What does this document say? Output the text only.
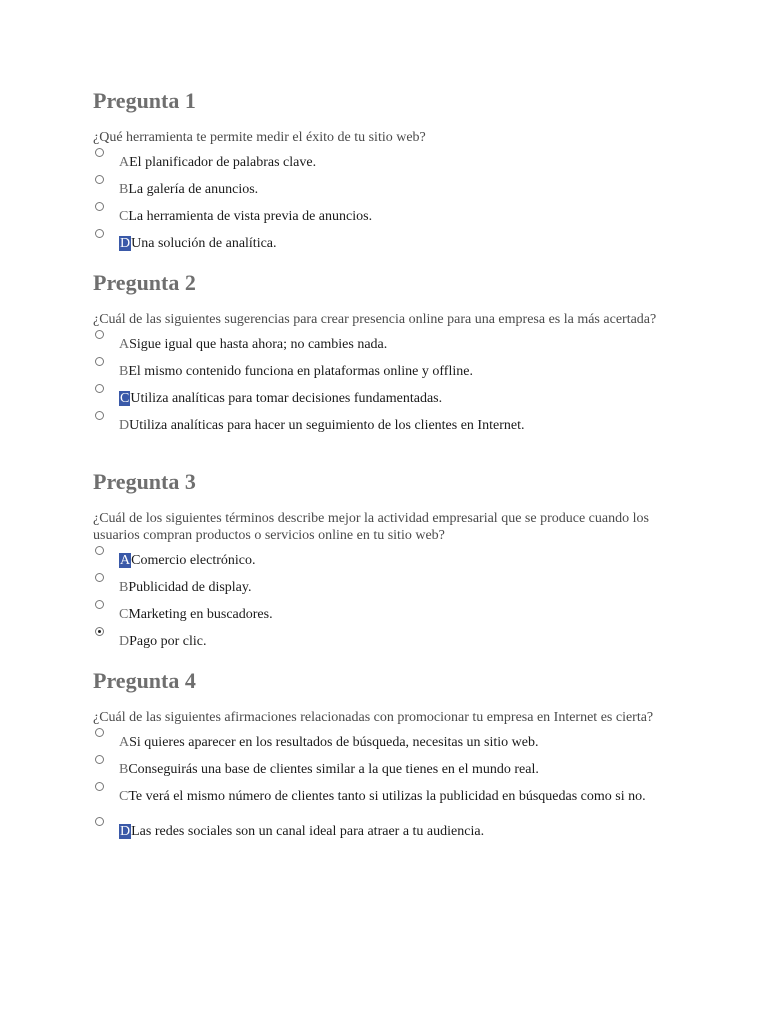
Pregunta 1

¿Qué herramienta te permite medir el éxito de tu sitio web?

AEl planificador de palabras clave.
BLa galería de anuncios.
CLa herramienta de vista previa de anuncios.
DUna solución de analítica.
Pregunta 2

¿Cuál de las siguientes sugerencias para crear presencia online para una empresa es la más acertada?

ASigue igual que hasta ahora; no cambies nada.
BEl mismo contenido funciona en plataformas online y offline.
CUtiliza analíticas para tomar decisiones fundamentadas.
DUtiliza analíticas para hacer un seguimiento de los clientes en Internet.
Pregunta 3

¿Cuál de los siguientes términos describe mejor la actividad empresarial que se produce cuando los usuarios compran productos o servicios online en tu sitio web?

AComercio electrónico.
BPublicidad de display.
CMarketing en buscadores.
DPago por clic.
Pregunta 4

¿Cuál de las siguientes afirmaciones relacionadas con promocionar tu empresa en Internet es cierta?

ASi quieres aparecer en los resultados de búsqueda, necesitas un sitio web.
BConseguirás una base de clientes similar a la que tienes en el mundo real.
CTe verá el mismo número de clientes tanto si utilizas la publicidad en búsquedas como si no.
DLas redes sociales son un canal ideal para atraer a tu audiencia.
